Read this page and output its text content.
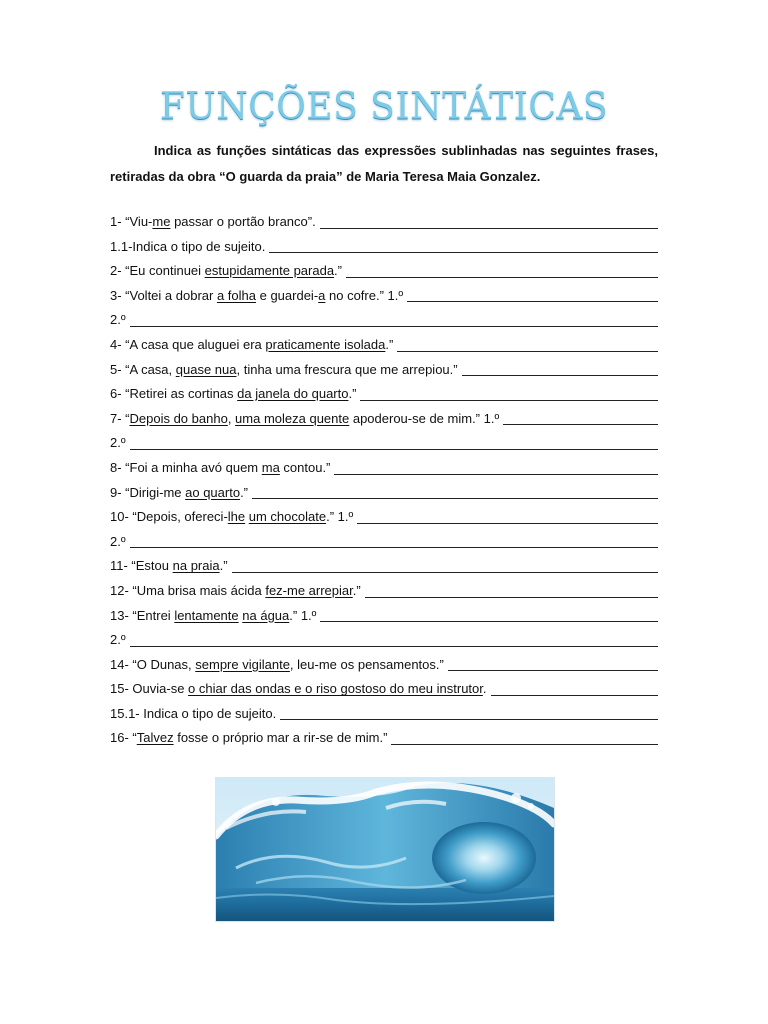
FUNÇÕES SINTÁTICAS
Indica as funções sintáticas das expressões sublinhadas nas seguintes frases, retiradas da obra “O guarda da praia” de Maria Teresa Maia Gonzalez.
1- “Viu-me passar o portão branco”.
1.1-Indica o tipo de sujeito.
2- “Eu continuei estupidamente parada.”
3- “Voltei a dobrar a folha e guardei-a no cofre.” 1.º
2.º
4- “A casa que aluguei era praticamente isolada.”
5- “A casa, quase nua, tinha uma frescura que me arrepiou.”
6- “Retirei as cortinas da janela do quarto.”
7- “Depois do banho, uma moleza quente apoderou-se de mim.” 1.º
2.º
8- “Foi a minha avó quem ma contou.”
9- “Dirigi-me ao quarto.”
10- “Depois, ofereci-lhe um chocolate.” 1.º
2.º
11- “Estou na praia.”
12- “Uma brisa mais ácida fez-me arrepiar.”
13- “Entrei lentamente na água.” 1.º
2.º
14- “O Dunas, sempre vigilante, leu-me os pensamentos.”
15- Ouvia-se o chiar das ondas e o riso gostoso do meu instrutor.
15.1- Indica o tipo de sujeito.
16- “Talvez fosse o próprio mar a rir-se de mim.”
